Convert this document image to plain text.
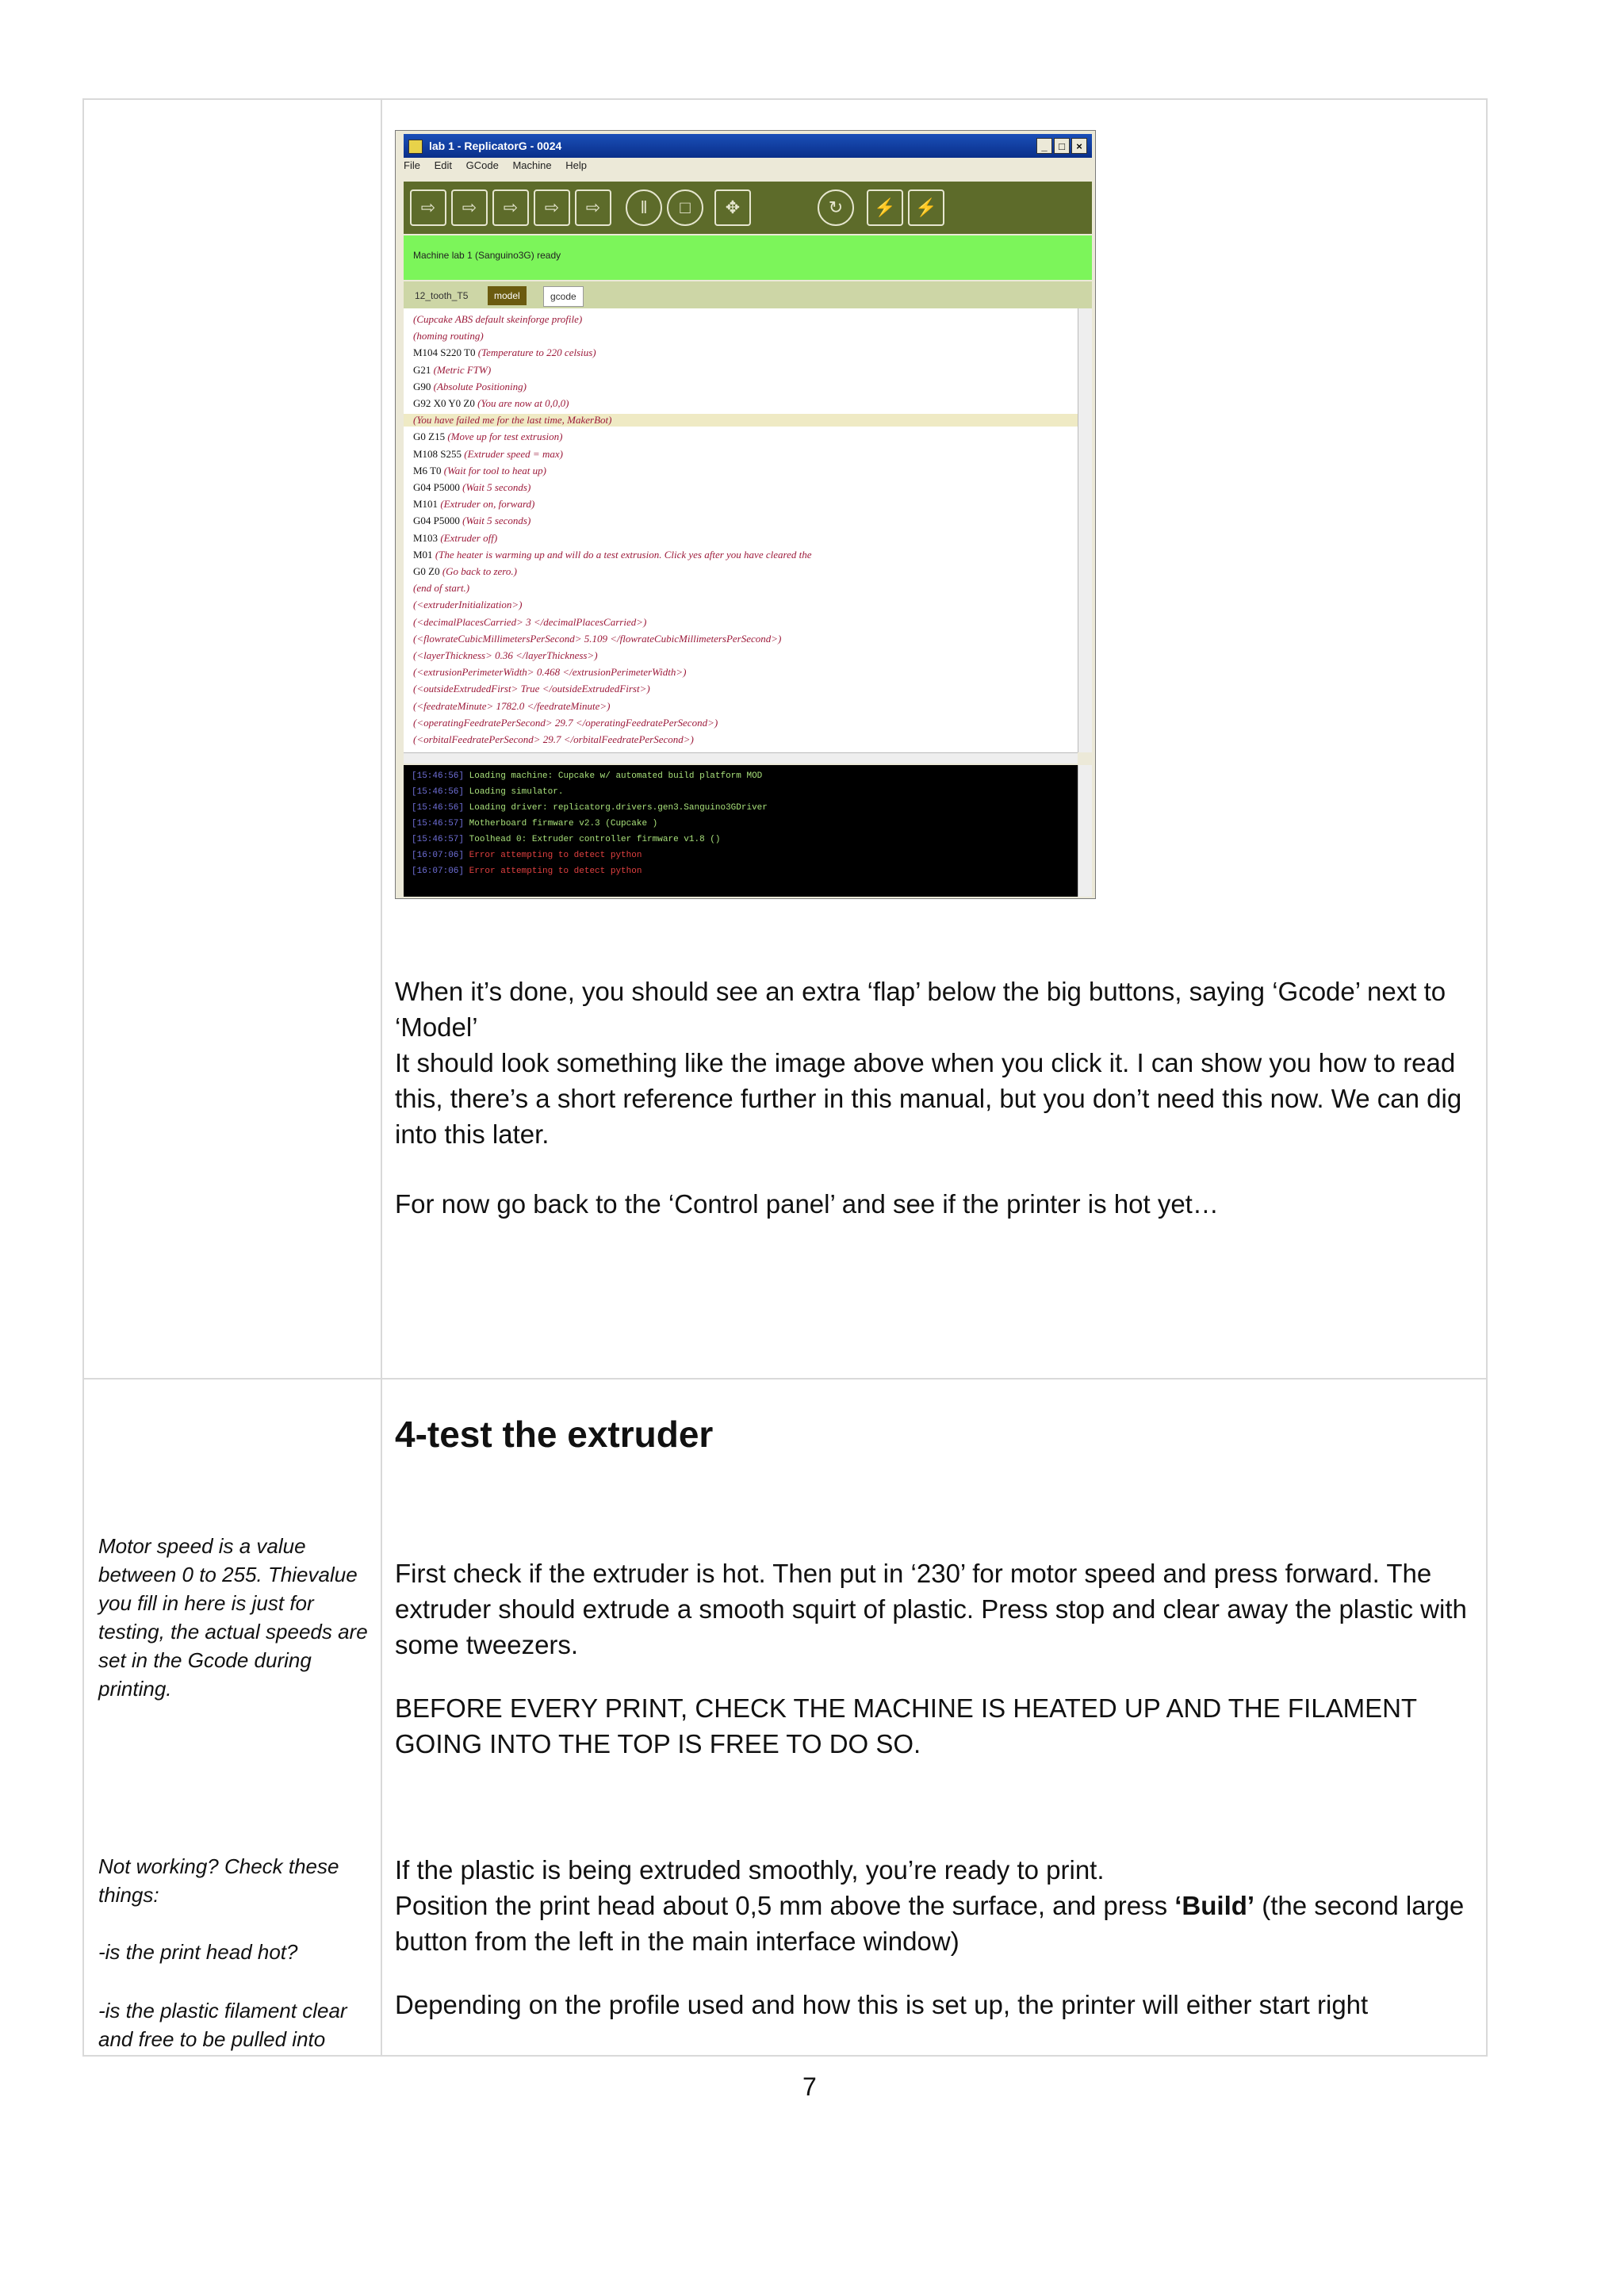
lab 1 - ReplicatorG - 0024	_	□	×
File Edit GCode Machine Help
⇨	⇨	⇨	⇨	⇨	‖	□	✥	↻	⚡	⚡
Machine lab 1 (Sanguino3G) ready
12_tooth_T5	model	gcode
(Cupcake ABS default skeinforge profile)
(homing routing)
M104 S220 T0 (Temperature to 220 celsius)
G21 (Metric FTW)
G90 (Absolute Positioning)
G92 X0 Y0 Z0 (You are now at 0,0,0)
(You have failed me for the last time, MakerBot)
G0 Z15 (Move up for test extrusion)
M108 S255 (Extruder speed = max)
M6 T0 (Wait for tool to heat up)
G04 P5000 (Wait 5 seconds)
M101 (Extruder on, forward)
G04 P5000 (Wait 5 seconds)
M103 (Extruder off)
M01 (The heater is warming up and will do a test extrusion. Click yes after you have cleared the
G0 Z0 (Go back to zero.)
(end of start.)
(<extruderInitialization>)
(<decimalPlacesCarried> 3 </decimalPlacesCarried>)
(<flowrateCubicMillimetersPerSecond> 5.109 </flowrateCubicMillimetersPerSecond>)
(<layerThickness> 0.36 </layerThickness>)
(<extrusionPerimeterWidth> 0.468 </extrusionPerimeterWidth>)
(<outsideExtrudedFirst> True </outsideExtrudedFirst>)
(<feedrateMinute> 1782.0 </feedrateMinute>)
(<operatingFeedratePerSecond> 29.7 </operatingFeedratePerSecond>)
(<orbitalFeedratePerSecond> 29.7 </orbitalFeedratePerSecond>)
[15:46:56] Loading machine: Cupcake w/ automated build platform MOD
[15:46:56] Loading simulator.
[15:46:56] Loading driver: replicatorg.drivers.gen3.Sanguino3GDriver
[15:46:57] Motherboard firmware v2.3 (Cupcake )
[15:46:57] Toolhead 0: Extruder controller firmware v1.8 ()
[16:07:06] Error attempting to detect python
[16:07:06] Error attempting to detect python
When it’s done, you should see an extra ‘flap’ below the big buttons, saying ‘Gcode’ next to ‘Model’
It should look something like the image above when you click it. I can show you how to read this, there’s a short reference further in this manual, but you don’t need this now. We can dig into this later.
For now go back to the ‘Control panel’ and see if the printer is hot yet…
4-test the extruder
First check if the extruder is hot. Then put in ‘230’ for motor speed and press forward. The extruder should extrude a smooth squirt of plastic. Press stop and clear away the plastic with some tweezers.
BEFORE EVERY PRINT, CHECK THE MACHINE IS HEATED UP AND THE FILAMENT GOING INTO THE TOP IS FREE TO DO SO.
If the plastic is being extruded smoothly, you’re ready to print.
Position the print head about 0,5 mm above the surface, and press ‘Build’ (the second large button from the left in the main interface window)
Depending on the profile used and how this is set up, the printer will either start right
Motor speed is a value between 0 to 255. Thievalue you fill in here is just for testing, the actual speeds are set in the Gcode during printing.
Not working? Check these things:
-is the print head hot?
-is the plastic filament clear and free to be pulled into
7
